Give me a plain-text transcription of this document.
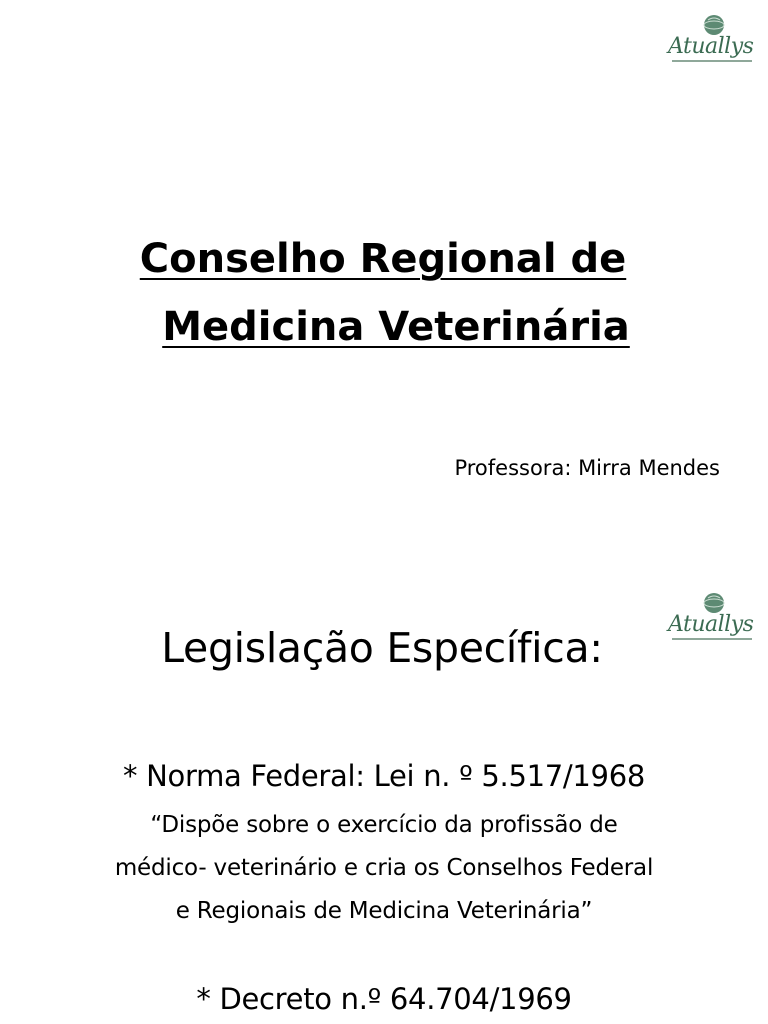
Atuallys
Conselho Regional de
Medicina Veterinária
Professora: Mirra Mendes
Atuallys
Legislação Específica:
* Norma Federal: Lei n. º 5.517/1968
“Dispõe sobre o exercício da profissão de
médico- veterinário e cria os Conselhos Federal
e Regionais de Medicina Veterinária”
* Decreto n.º 64.704/1969
